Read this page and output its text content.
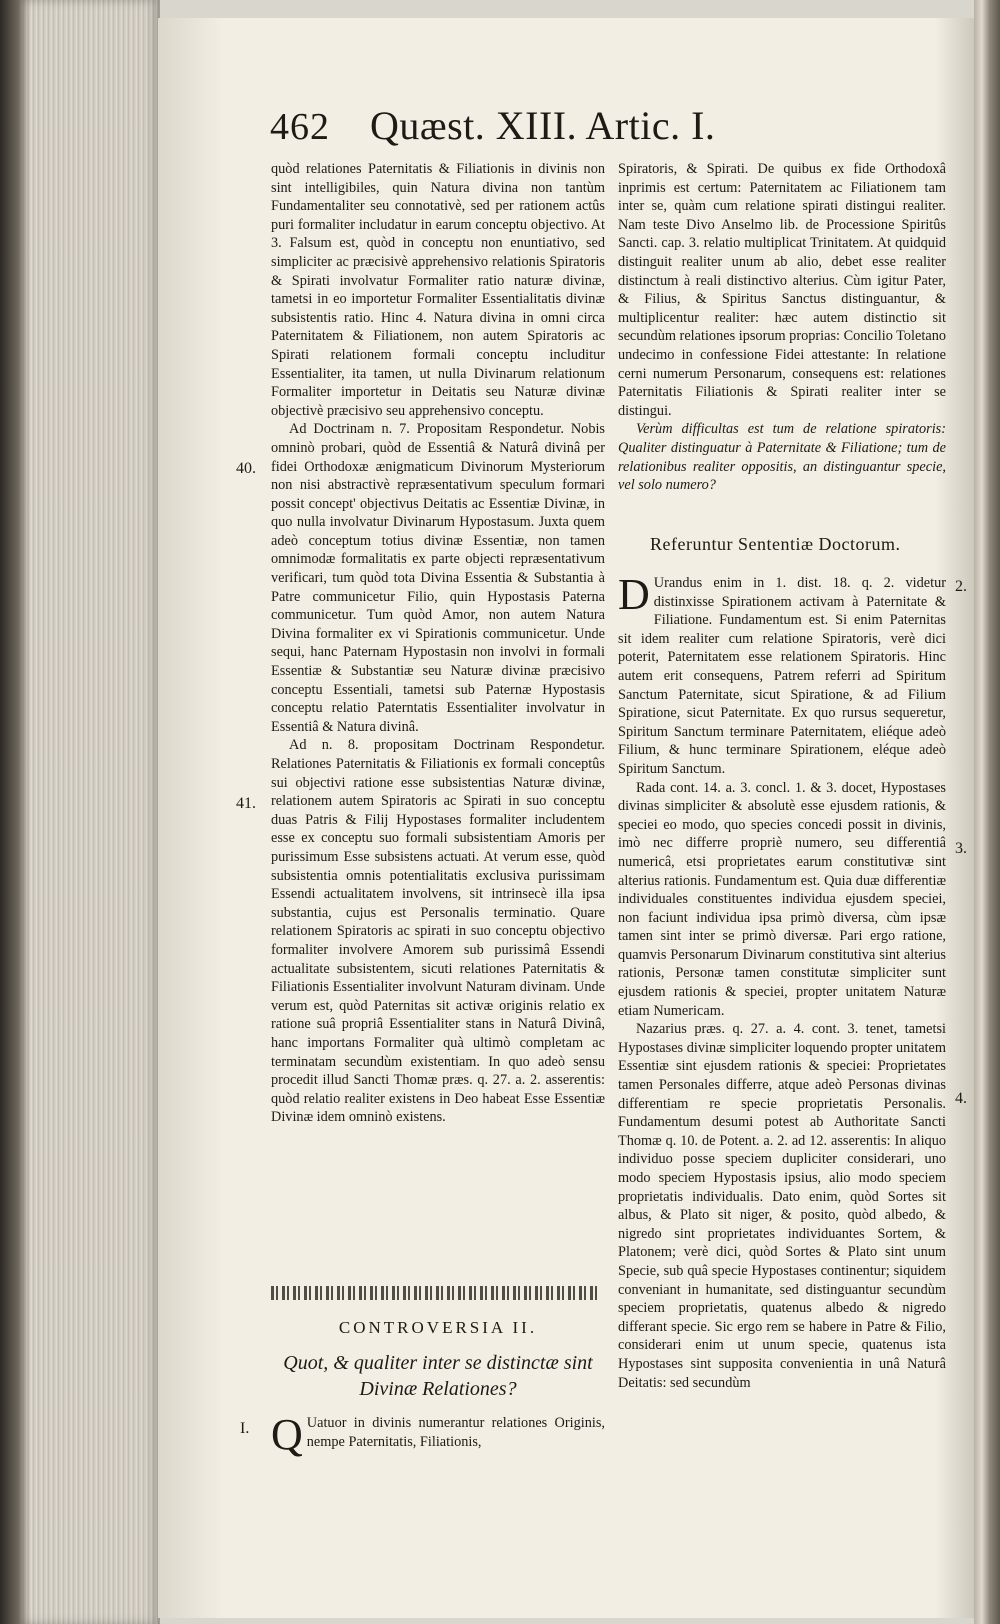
462 Quæst. XIII. Artic. I.

quòd relationes Paternitatis & Filiationis in divinis non sint intelligibiles, quin Natura divina non tantùm Fundamentaliter seu connotativè, sed per rationem actûs puri formaliter includatur in earum conceptu objectivo. At 3. Falsum est, quòd in conceptu non enuntiativo, sed simpliciter ac præcisivè apprehensivo relationis Spiratoris & Spirati involvatur Formaliter ratio naturæ divinæ, tametsi in eo importetur Formaliter Essentialitatis divinæ subsistentis ratio. Hinc 4. Natura divina in omni circa Paternitatem & Filiationem, non autem Spiratoris ac Spirati relationem formali conceptu includitur Essentialiter, ita tamen, ut nulla Divinarum relationum Formaliter importetur in Deitatis seu Naturæ divinæ objectivè præcisivo seu apprehensivo conceptu.

Ad Doctrinam n. 7. Propositam Respondetur. Nobis omninò probari, quòd de Essentiâ & Naturâ divinâ per fidei Orthodoxæ ænigmaticum Divinorum Mysteriorum non nisi abstractivè repræsentativum speculum formari possit concept' objectivus Deitatis ac Essentiæ Divinæ, in quo nulla involvatur Divinarum Hypostasum. Juxta quem adeò conceptum totius divinæ Essentiæ, non tamen omnimodæ formalitatis ex parte objecti repræsentativum verificari, tum quòd tota Divina Essentia & Substantia à Patre communicetur Filio, quin Hypostasis Paterna communicetur. Tum quòd Amor, non autem Natura Divina formaliter ex vi Spirationis communicetur. Unde sequi, hanc Paternam Hypostasin non involvi in formali Essentiæ & Substantiæ seu Naturæ divinæ præcisivo conceptu Essentiali, tametsi sub Paternæ Hypostasis conceptu relatio Paterntatis Essentialiter involvatur in Essentiâ & Natura divinâ.

Ad n. 8. propositam Doctrinam Respondetur. Relationes Paternitatis & Filiationis ex formali conceptûs sui objectivi ratione esse subsistentias Naturæ divinæ, relationem autem Spiratoris ac Spirati in suo conceptu duas Patris & Filij Hypostases formaliter includentem esse ex conceptu suo formali subsistentiam Amoris per purissimum Esse subsistens actuati. At verum esse, quòd subsistentia omnis potentialitatis exclusiva purissimam Essendi actualitatem involvens, sit intrinsecè illa ipsa substantia, cujus est Personalis terminatio. Quare relationem Spiratoris ac spirati in suo conceptu objectivo formaliter involvere Amorem sub purissimâ Essendi actualitate subsistentem, sicuti relationes Paternitatis & Filiationis Essentialiter involvunt Naturam divinam. Unde verum est, quòd Paternitas sit activæ originis relatio ex ratione suâ propriâ Essentialiter stans in Naturâ Divinâ, hanc importans Formaliter quà ultimò completam ac terminatam secundùm existentiam. In quo adeò sensu procedit illud Sancti Thomæ præs. q. 27. a. 2. asserentis: quòd relatio realiter existens in Deo habeat Esse Essentiæ Divinæ idem omninò existens.

40.
41.
I.
CONTROVERSIA II.
Quot, & qualiter inter se distinctæ sint Divinæ Relationes?
Q Uatuor in divinis numerantur relationes Originis, nempe Paternitatis, Filiationis,

Spiratoris, & Spirati. De quibus ex fide Orthodoxâ inprimis est certum: Paternitatem ac Filiationem tam inter se, quàm cum relatione spirati distingui realiter. Nam teste Divo Anselmo lib. de Processione Spiritûs Sancti. cap. 3. relatio multiplicat Trinitatem. At quidquid distinguit realiter unum ab alio, debet esse realiter distinctum à reali distinctivo alterius. Cùm igitur Pater, & Filius, & Spiritus Sanctus distinguantur, & multiplicentur realiter: hæc autem distinctio sit secundùm relationes ipsorum proprias: Concilio Toletano undecimo in confessione Fidei attestante: In relatione cerni numerum Personarum, consequens est: relationes Paternitatis Filiationis & Spirati realiter inter se distingui.

Verùm difficultas est tum de relatione spiratoris: Qualiter distinguatur à Paternitate & Filiatione; tum de relationibus realiter oppositis, an distinguantur specie, vel solo numero?

Referuntur Sententiæ Doctorum.

D Urandus enim in 1. dist. 18. q. 2. videtur distinxisse Spirationem activam à Paternitate & Filiatione. Fundamentum est. Si enim Paternitas sit idem realiter cum relatione Spiratoris, verè dici poterit, Paternitatem esse relationem Spiratoris. Hinc autem erit consequens, Patrem referri ad Spiritum Sanctum Paternitate, sicut Spiratione, & ad Filium Spiratione, sicut Paternitate. Ex quo rursus sequeretur, Spiritum Sanctum terminare Paternitatem, eliéque adeò Filium, & hunc terminare Spirationem, eléque adeò Spiritum Sanctum.

Rada cont. 14. a. 3. concl. 1. & 3. docet, Hypostases divinas simpliciter & absolutè esse ejusdem rationis, & speciei eo modo, quo species concedi possit in divinis, imò nec differre propriè numero, seu differentiâ numericâ, etsi proprietates earum constitutivæ sint alterius rationis. Fundamentum est. Quia duæ differentiæ individuales constituentes individua ejusdem speciei, non faciunt individua ipsa primò diversa, cùm ipsæ tamen sint inter se primò diversæ. Pari ergo ratione, quamvis Personarum Divinarum constitutiva sint alterius rationis, Personæ tamen constitutæ simpliciter sunt ejusdem rationis & speciei, propter unitatem Naturæ etiam Numericam.

Nazarius præs. q. 27. a. 4. cont. 3. tenet, tametsi Hypostases divinæ simpliciter loquendo propter unitatem Essentiæ sint ejusdem rationis & speciei: Proprietates tamen Personales differre, atque adeò Personas divinas differentiam re specie proprietatis Personalis. Fundamentum desumi potest ab Authoritate Sancti Thomæ q. 10. de Potent. a. 2. ad 12. asserentis: In aliquo individuo posse speciem dupliciter considerari, uno modo speciem Hypostasis ipsius, alio modo speciem proprietatis individualis. Dato enim, quòd Sortes sit albus, & Plato sit niger, & posito, quòd albedo, & nigredo sint proprietates individuantes Sortem, & Platonem; verè dici, quòd Sortes & Plato sint unum Specie, sub quâ specie Hypostases continentur; siquidem conveniant in humanitate, sed distinguantur secundùm speciem proprietatis, quatenus albedo & nigredo differant specie. Sic ergo rem se habere in Patre & Filio, considerari enim ut unum specie, quatenus ista Hypostases sint supposita convenientia in unâ Naturâ Deitatis: sed secundùm

2.
3.
4.
